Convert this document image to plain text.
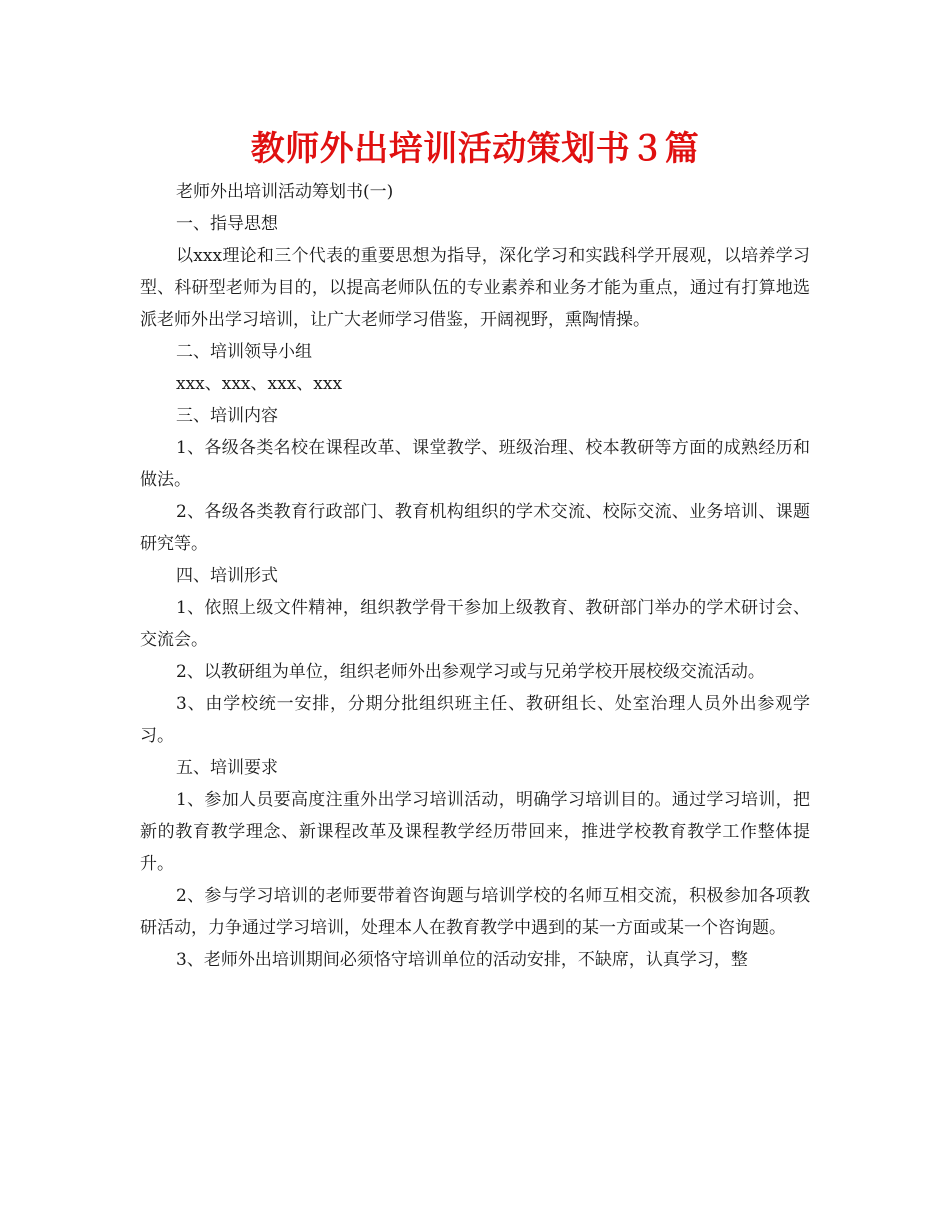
教师外出培训活动策划书３篇

老师外出培训活动筹划书(一)

一、指导思想

以xxx理论和三个代表的重要思想为指导，深化学习和实践科学开展观，以培养学习型、科研型老师为目的，以提高老师队伍的专业素养和业务才能为重点，通过有打算地选派老师外出学习培训，让广大老师学习借鉴，开阔视野，熏陶情操。

二、培训领导小组

xxx、xxx、xxx、xxx

三、培训内容

1、各级各类名校在课程改革、课堂教学、班级治理、校本教研等方面的成熟经历和做法。

2、各级各类教育行政部门、教育机构组织的学术交流、校际交流、业务培训、课题研究等。

四、培训形式

1、依照上级文件精神，组织教学骨干参加上级教育、教研部门举办的学术研讨会、交流会。

2、以教研组为单位，组织老师外出参观学习或与兄弟学校开展校级交流活动。

3、由学校统一安排，分期分批组织班主任、教研组长、处室治理人员外出参观学习。

五、培训要求

1、参加人员要高度注重外出学习培训活动，明确学习培训目的。通过学习培训，把新的教育教学理念、新课程改革及课程教学经历带回来，推进学校教育教学工作整体提升。

2、参与学习培训的老师要带着咨询题与培训学校的名师互相交流，积极参加各项教研活动，力争通过学习培训，处理本人在教育教学中遇到的某一方面或某一个咨询题。

3、老师外出培训期间必须恪守培训单位的活动安排，不缺席，认真学习，整
